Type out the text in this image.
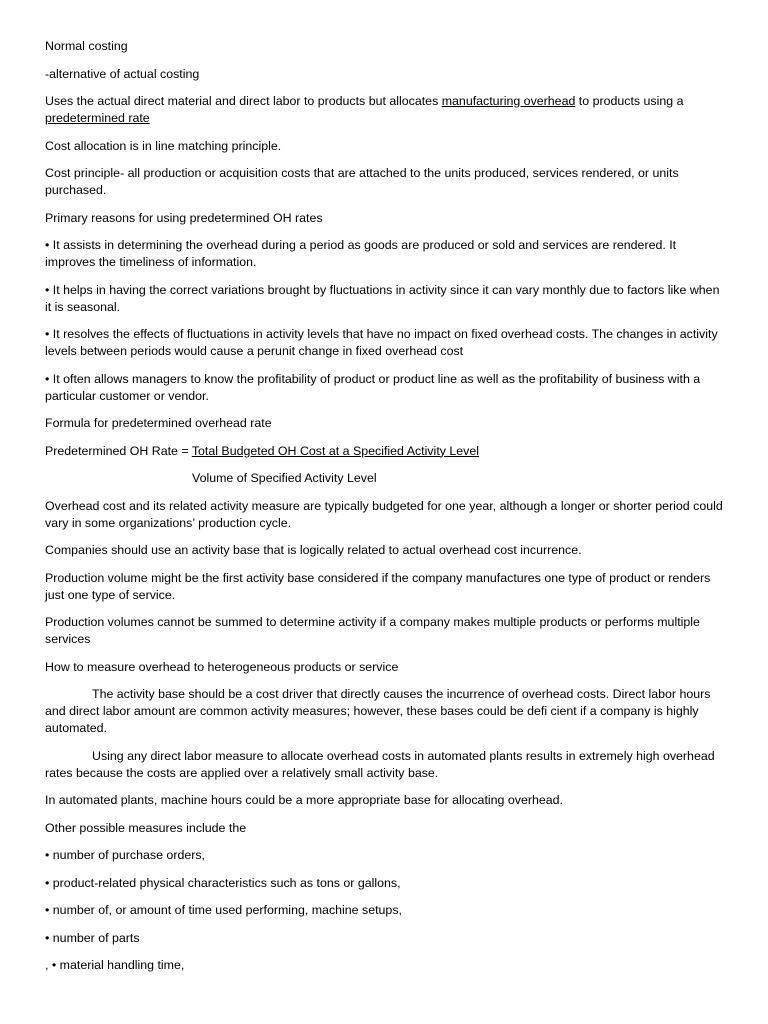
Normal costing

-alternative of actual costing

Uses the actual direct material and direct labor to products but allocates manufacturing overhead to products using a predetermined rate

Cost allocation is in line matching principle.

Cost principle- all production or acquisition costs that are attached to the units produced, services rendered, or units purchased.

Primary reasons for using predetermined OH rates

• It assists in determining the overhead during a period as goods are produced or sold and services are rendered. It improves the timeliness of information.

• It helps in having the correct variations brought by fluctuations in activity since it can vary monthly due to factors like when it is seasonal.

• It resolves the effects of fluctuations in activity levels that have no impact on fixed overhead costs. The changes in activity levels between periods would cause a perunit change in fixed overhead cost

• It often allows managers to know the profitability of product or product line as well as the profitability of business with a particular customer or vendor.

Formula for predetermined overhead rate

Predetermined OH Rate = Total Budgeted OH Cost at a Specified Activity Level

Volume of Specified Activity Level

Overhead cost and its related activity measure are typically budgeted for one year, although a longer or shorter period could vary in some organizations’ production cycle.

Companies should use an activity base that is logically related to actual overhead cost incurrence.

Production volume might be the first activity base considered if the company manufactures one type of product or renders just one type of service.

Production volumes cannot be summed to determine activity if a company makes multiple products or performs multiple services

How to measure overhead to heterogeneous products or service

The activity base should be a cost driver that directly causes the incurrence of overhead costs. Direct labor hours and direct labor amount are common activity measures; however, these bases could be defi cient if a company is highly automated.

Using any direct labor measure to allocate overhead costs in automated plants results in extremely high overhead rates because the costs are applied over a relatively small activity base.

In automated plants, machine hours could be a more appropriate base for allocating overhead.

Other possible measures include the

• number of purchase orders,

• product-related physical characteristics such as tons or gallons,

• number of, or amount of time used performing, machine setups,

• number of parts

, • material handling time,
